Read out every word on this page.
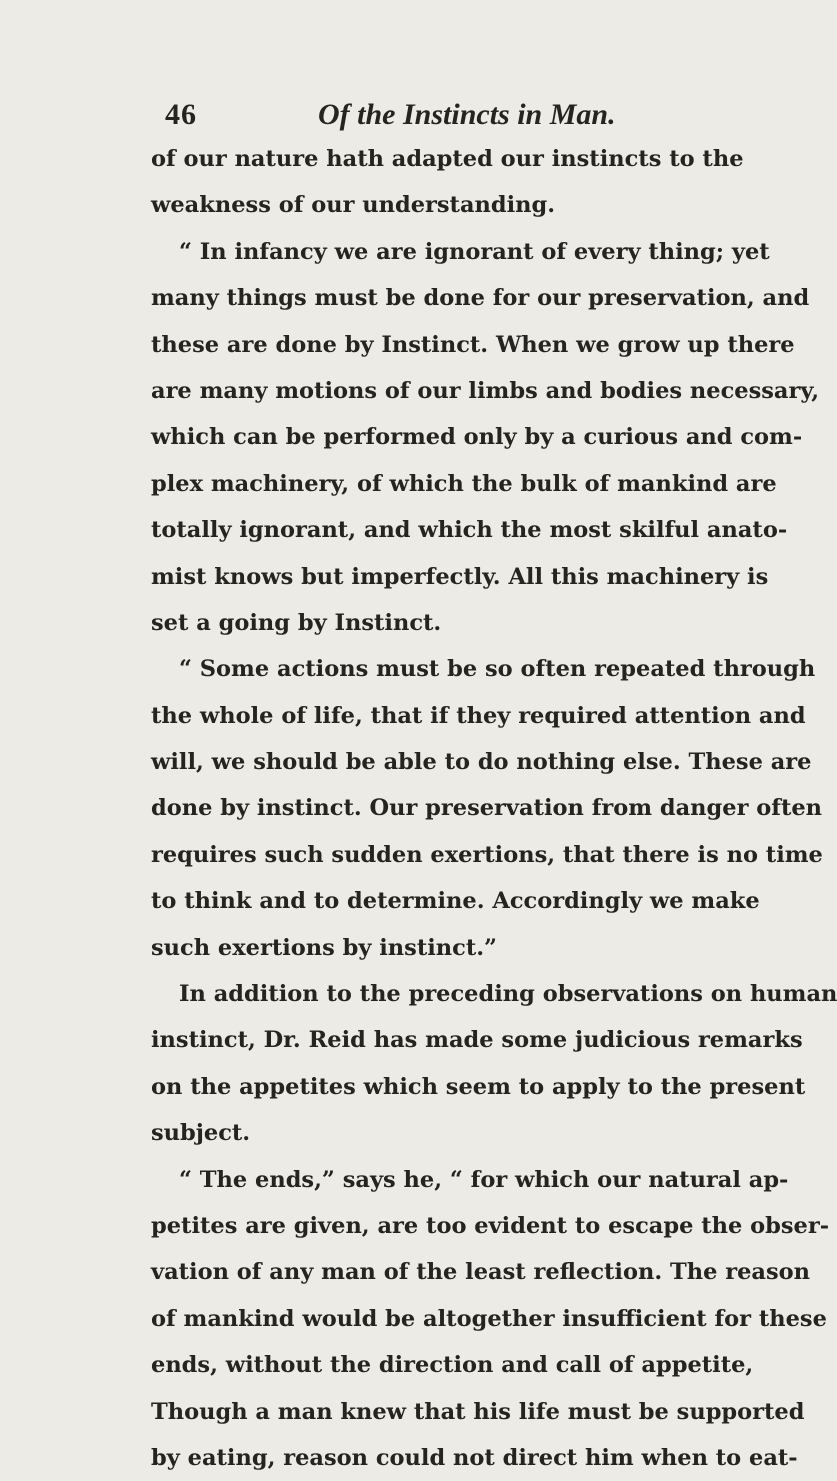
46	Of the Instincts in Man.
of our nature hath adapted our instincts to the
weakness of our understanding.
“ In infancy we are ignorant of every thing; yet
many things must be done for our preservation, and
these are done by Instinct. When we grow up there
are many motions of our limbs and bodies necessary,
which can be performed only by a curious and com-
plex machinery, of which the bulk of mankind are
totally ignorant, and which the most skilful anato-
mist knows but imperfectly. All this machinery is
set a going by Instinct.
“ Some actions must be so often repeated through
the whole of life, that if they required attention and
will, we should be able to do nothing else. These are
done by instinct. Our preservation from danger often
requires such sudden exertions, that there is no time
to think and to determine. Accordingly we make
such exertions by instinct.”
In addition to the preceding observations on human
instinct, Dr. Reid has made some judicious remarks
on the appetites which seem to apply to the present
subject.
“ The ends,” says he, “ for which our natural ap-
petites are given, are too evident to escape the obser-
vation of any man of the least reflection. The reason
of mankind would be altogether insufficient for these
ends, without the direction and call of appetite,
Though a man knew that his life must be supported
by eating, reason could not direct him when to eat-
